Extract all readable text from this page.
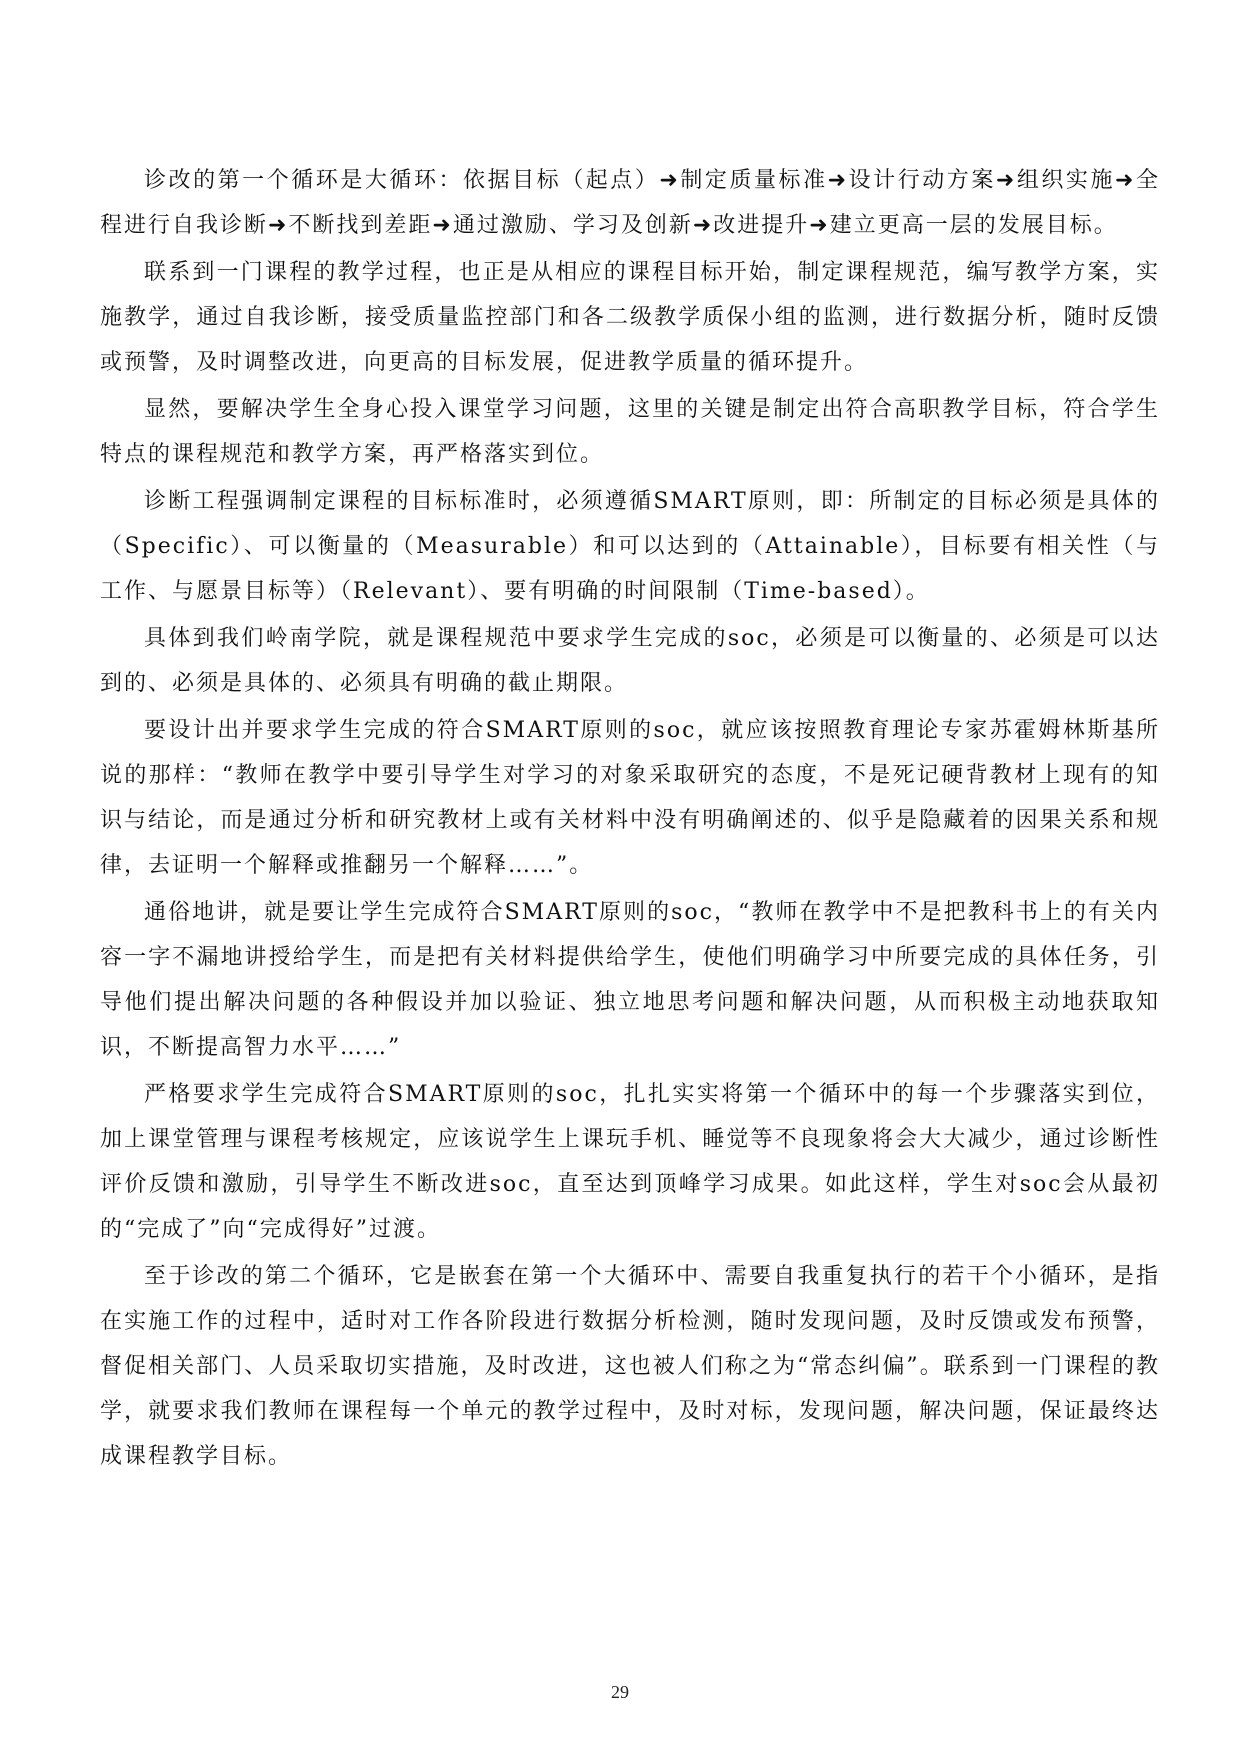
诊改的第一个循环是大循环：依据目标（起点）➜制定质量标准➜设计行动方案➜组织实施➜全程进行自我诊断➜不断找到差距➜通过激励、学习及创新➜改进提升➜建立更高一层的发展目标。

联系到一门课程的教学过程，也正是从相应的课程目标开始，制定课程规范，编写教学方案，实施教学，通过自我诊断，接受质量监控部门和各二级教学质保小组的监测，进行数据分析，随时反馈或预警，及时调整改进，向更高的目标发展，促进教学质量的循环提升。

显然，要解决学生全身心投入课堂学习问题，这里的关键是制定出符合高职教学目标，符合学生特点的课程规范和教学方案，再严格落实到位。

诊断工程强调制定课程的目标标准时，必须遵循SMART原则，即：所制定的目标必须是具体的（Specific）、可以衡量的（Measurable）和可以达到的（Attainable），目标要有相关性（与工作、与愿景目标等）（Relevant）、要有明确的时间限制（Time-based）。

具体到我们岭南学院，就是课程规范中要求学生完成的soc，必须是可以衡量的、必须是可以达到的、必须是具体的、必须具有明确的截止期限。

要设计出并要求学生完成的符合SMART原则的soc，就应该按照教育理论专家苏霍姆林斯基所说的那样：“教师在教学中要引导学生对学习的对象采取研究的态度，不是死记硬背教材上现有的知识与结论，而是通过分析和研究教材上或有关材料中没有明确阐述的、似乎是隐藏着的因果关系和规律，去证明一个解释或推翻另一个解释……”。

通俗地讲，就是要让学生完成符合SMART原则的soc，“教师在教学中不是把教科书上的有关内容一字不漏地讲授给学生，而是把有关材料提供给学生，使他们明确学习中所要完成的具体任务，引导他们提出解决问题的各种假设并加以验证、独立地思考问题和解决问题，从而积极主动地获取知识，不断提高智力水平……”

严格要求学生完成符合SMART原则的soc，扎扎实实将第一个循环中的每一个步骤落实到位，加上课堂管理与课程考核规定，应该说学生上课玩手机、睡觉等不良现象将会大大减少，通过诊断性评价反馈和激励，引导学生不断改进soc，直至达到顶峰学习成果。如此这样，学生对soc会从最初的“完成了”向“完成得好”过渡。

至于诊改的第二个循环，它是嵌套在第一个大循环中、需要自我重复执行的若干个小循环，是指在实施工作的过程中，适时对工作各阶段进行数据分析检测，随时发现问题，及时反馈或发布预警，督促相关部门、人员采取切实措施，及时改进，这也被人们称之为“常态纠偏”。联系到一门课程的教学，就要求我们教师在课程每一个单元的教学过程中，及时对标，发现问题，解决问题，保证最终达成课程教学目标。

29
